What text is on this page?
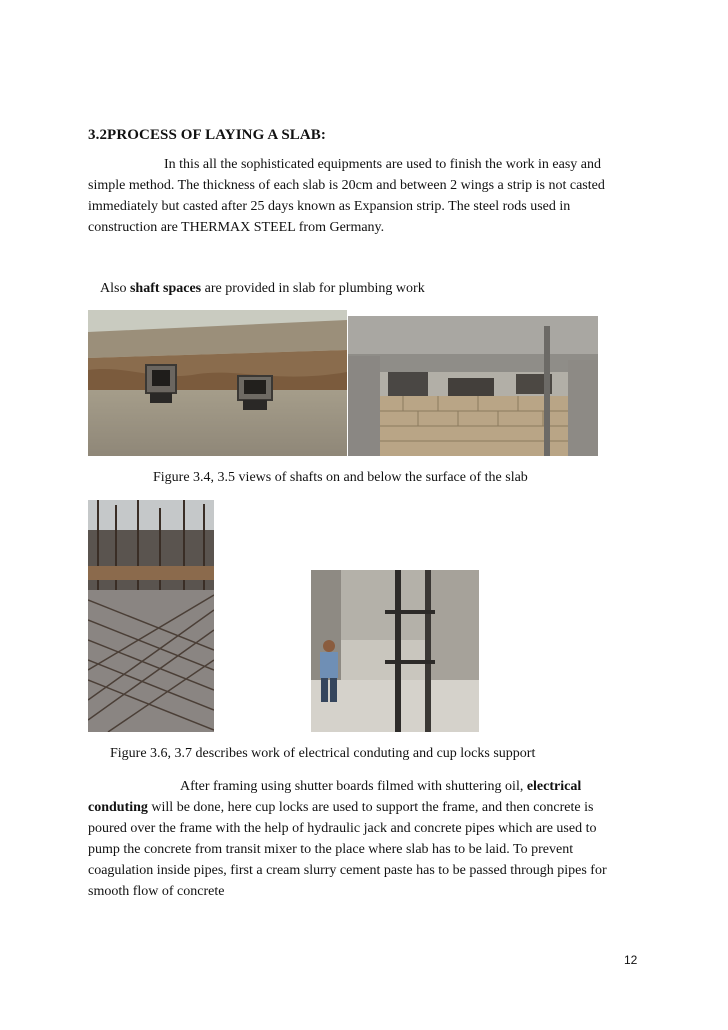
3.2PROCESS OF LAYING A SLAB:
In this all the sophisticated equipments are used to finish the work in easy and
simple method. The thickness of each slab is 20cm and between 2 wings a strip is not casted
immediately but casted after 25 days known as Expansion strip. The steel rods used in
construction are THERMAX STEEL from Germany.
Also shaft spaces are provided in slab for plumbing work
Figure 3.4, 3.5 views of shafts on and below the surface of the slab
Figure 3.6, 3.7 describes work of electrical conduting and cup locks support
After framing using shutter boards filmed with shuttering oil, electrical
conduting will be done, here cup locks are used to support the frame, and then concrete is
poured over the frame with the help of hydraulic jack and concrete pipes which are used to
pump the concrete from transit mixer to the place where slab has to be laid. To prevent
coagulation inside pipes, first a cream slurry cement paste has to be passed through pipes for
smooth flow of concrete
12
